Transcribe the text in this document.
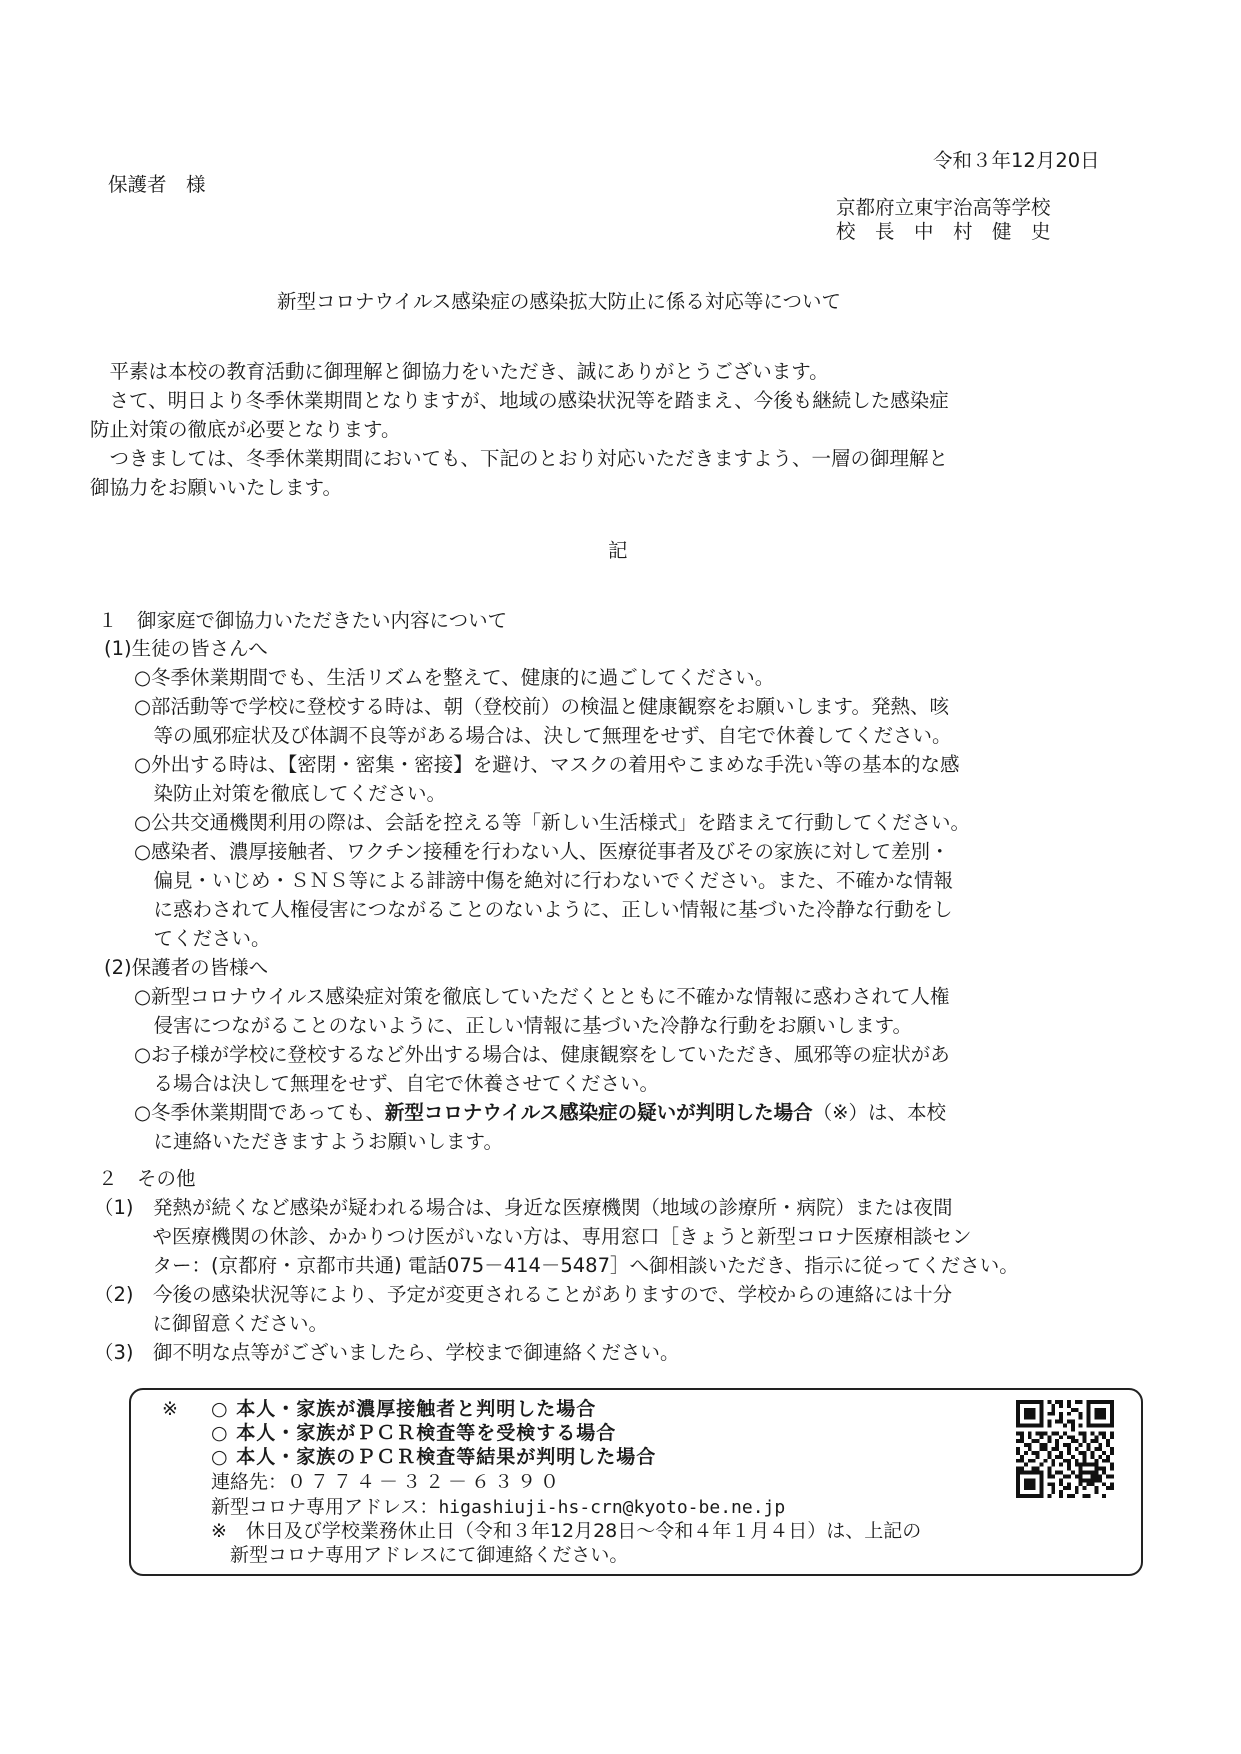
令和３年12月20日
保護者　様
京都府立東宇治高等学校
校　長　中　村　健　史
新型コロナウイルス感染症の感染拡大防止に係る対応等について
　平素は本校の教育活動に御理解と御協力をいただき、誠にありがとうございます。
　さて、明日より冬季休業期間となりますが、地域の感染状況等を踏まえ、今後も継続した感染症
防止対策の徹底が必要となります。
　つきましては、冬季休業期間においても、下記のとおり対応いただきますよう、一層の御理解と
御協力をお願いいたします。
記
１　御家庭で御協力いただきたい内容について
(1)生徒の皆さんへ
○冬季休業期間でも、生活リズムを整えて、健康的に過ごしてください。
○部活動等で学校に登校する時は、朝（登校前）の検温と健康観察をお願いします。発熱、咳
　等の風邪症状及び体調不良等がある場合は、決して無理をせず、自宅で休養してください。
○外出する時は、【密閉・密集・密接】を避け、マスクの着用やこまめな手洗い等の基本的な感
　染防止対策を徹底してください。
○公共交通機関利用の際は、会話を控える等「新しい生活様式」を踏まえて行動してください。
○感染者、濃厚接触者、ワクチン接種を行わない人、医療従事者及びその家族に対して差別・
　偏見・いじめ・ＳＮＳ等による誹謗中傷を絶対に行わないでください。また、不確かな情報
　に惑わされて人権侵害につながることのないように、正しい情報に基づいた冷静な行動をし
　てください。
(2)保護者の皆様へ
○新型コロナウイルス感染症対策を徹底していただくとともに不確かな情報に惑わされて人権
　侵害につながることのないように、正しい情報に基づいた冷静な行動をお願いします。
○お子様が学校に登校するなど外出する場合は、健康観察をしていただき、風邪等の症状があ
　る場合は決して無理をせず、自宅で休養させてください。
○冬季休業期間であっても、新型コロナウイルス感染症の疑いが判明した場合（※）は、本校
　に連絡いただきますようお願いします。
２　その他
（1)　発熱が続くなど感染が疑われる場合は、身近な医療機関（地域の診療所・病院）または夜間
　　　や医療機関の休診、かかりつけ医がいない方は、専用窓口［きょうと新型コロナ医療相談セン
　　　ター：(京都府・京都市共通) 電話075－414－5487］へ御相談いただき、指示に従ってください。
（2)　今後の感染状況等により、予定が変更されることがありますので、学校からの連絡には十分
　　　に御留意ください。
（3)　御不明な点等がございましたら、学校まで御連絡ください。
※ ○ 本人・家族が濃厚接触者と判明した場合
○ 本人・家族がＰＣＲ検査等を受検する場合
○ 本人・家族のＰＣＲ検査等結果が判明した場合
連絡先：０７７４－３２－６３９０
新型コロナ専用アドレス：higashiuji-hs-crn@kyoto-be.ne.jp
※　休日及び学校業務休止日（令和３年12月28日～令和４年１月４日）は、上記の
　新型コロナ専用アドレスにて御連絡ください。
